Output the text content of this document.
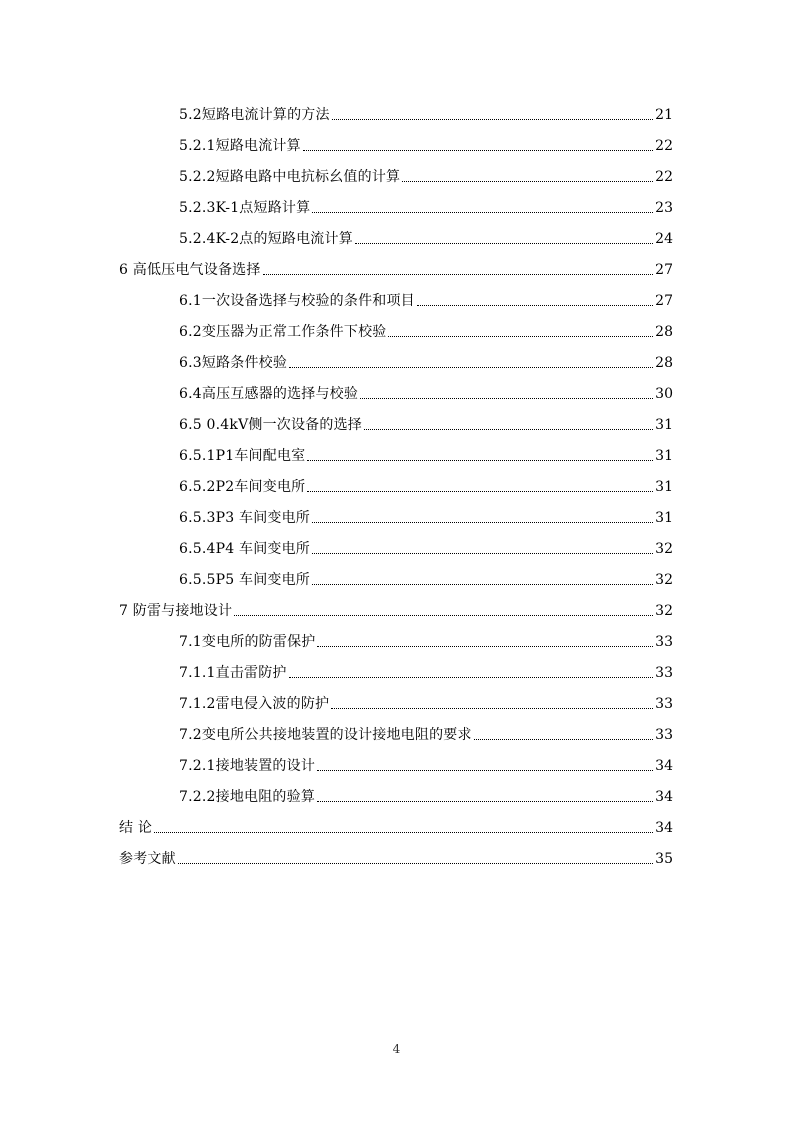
5.2短路电流计算的方法	21
5.2.1短路电流计算	22
5.2.2短路电路中电抗标幺值的计算	22
5.2.3K-1点短路计算	23
5.2.4K-2点的短路电流计算	24
6 高低压电气设备选择	27
6.1一次设备选择与校验的条件和项目	27
6.2变压器为正常工作条件下校验	28
6.3短路条件校验	28
6.4高压互感器的选择与校验	30
6.5 0.4kV侧一次设备的选择	31
6.5.1P1车间配电室	31
6.5.2P2车间变电所	31
6.5.3P3 车间变电所	31
6.5.4P4 车间变电所	32
6.5.5P5 车间变电所	32
7 防雷与接地设计	32
7.1变电所的防雷保护	33
7.1.1直击雷防护	33
7.1.2雷电侵入波的防护	33
7.2变电所公共接地装置的设计接地电阻的要求	33
7.2.1接地装置的设计	34
7.2.2接地电阻的验算	34
结 论	34
参考文献	35
4
